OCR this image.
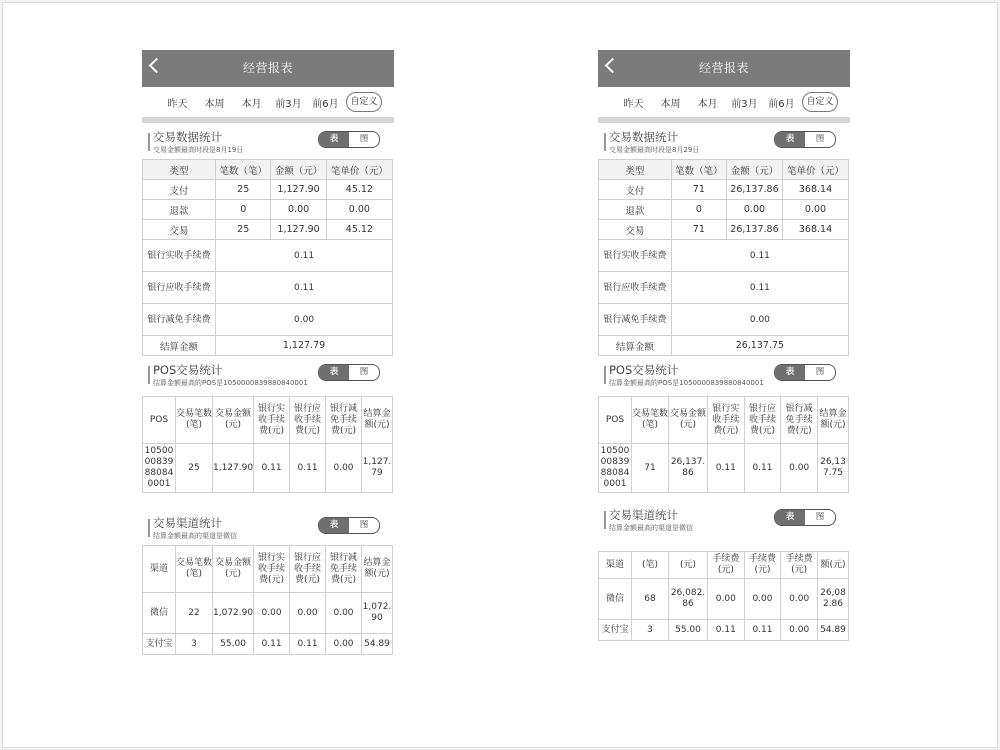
经营报表
昨天	本周	本月	前3月	前6月	自定义
交易数据统计
交易金额最高时段是8月19日
表	图
类型	笔数（笔）	金额（元）	笔单价（元）
支付	25	1,127.90	45.12
退款	0	0.00	0.00
交易	25	1,127.90	45.12
银行实收手续费	0.11		
银行应收手续费	0.11		
银行减免手续费	0.00		
结算金额	1,127.79		
POS交易统计
结算金额最高的POS是1050000839880840001
表	图
POS	交易笔数(笔)	交易金额(元)	银行实收手续费(元)	银行应收手续费(元)	银行减免手续费(元)	结算金额(元)
1050000839880840001	25	1,127.90	0.11	0.11	0.00	1,127.79
交易渠道统计
结算金额最高的渠道是微信
表	图
渠道	交易笔数(笔)	交易金额(元)	银行实收手续费(元)	银行应收手续费(元)	银行减免手续费(元)	结算金额(元)
微信	22	1,072.90	0.00	0.00	0.00	1,072.90
支付宝	3	55.00	0.11	0.11	0.00	54.89
经营报表
昨天	本周	本月	前3月	前6月	自定义
交易数据统计
交易金额最高时段是8月29日
表	图
类型	笔数（笔）	金额（元）	笔单价（元）
支付	71	26,137.86	368.14
退款	0	0.00	0.00
交易	71	26,137.86	368.14
银行实收手续费	0.11		
银行应收手续费	0.11		
银行减免手续费	0.00		
结算金额	26,137.75		
POS交易统计
结算金额最高的POS是1050000839880840001
表	图
POS	交易笔数(笔)	交易金额(元)	银行实收手续费(元)	银行应收手续费(元)	银行减免手续费(元)	结算金额(元)
1050000839880840001	71	26,137.86	0.11	0.11	0.00	26,137.75
交易渠道统计
结算金额最高的渠道是微信
表	图
渠道	(笔)	(元)	手续费(元)	手续费(元)	手续费(元)	额(元)
微信	68	26,082.86	0.00	0.00	0.00	26,082.86
支付宝	3	55.00	0.11	0.11	0.00	54.89
